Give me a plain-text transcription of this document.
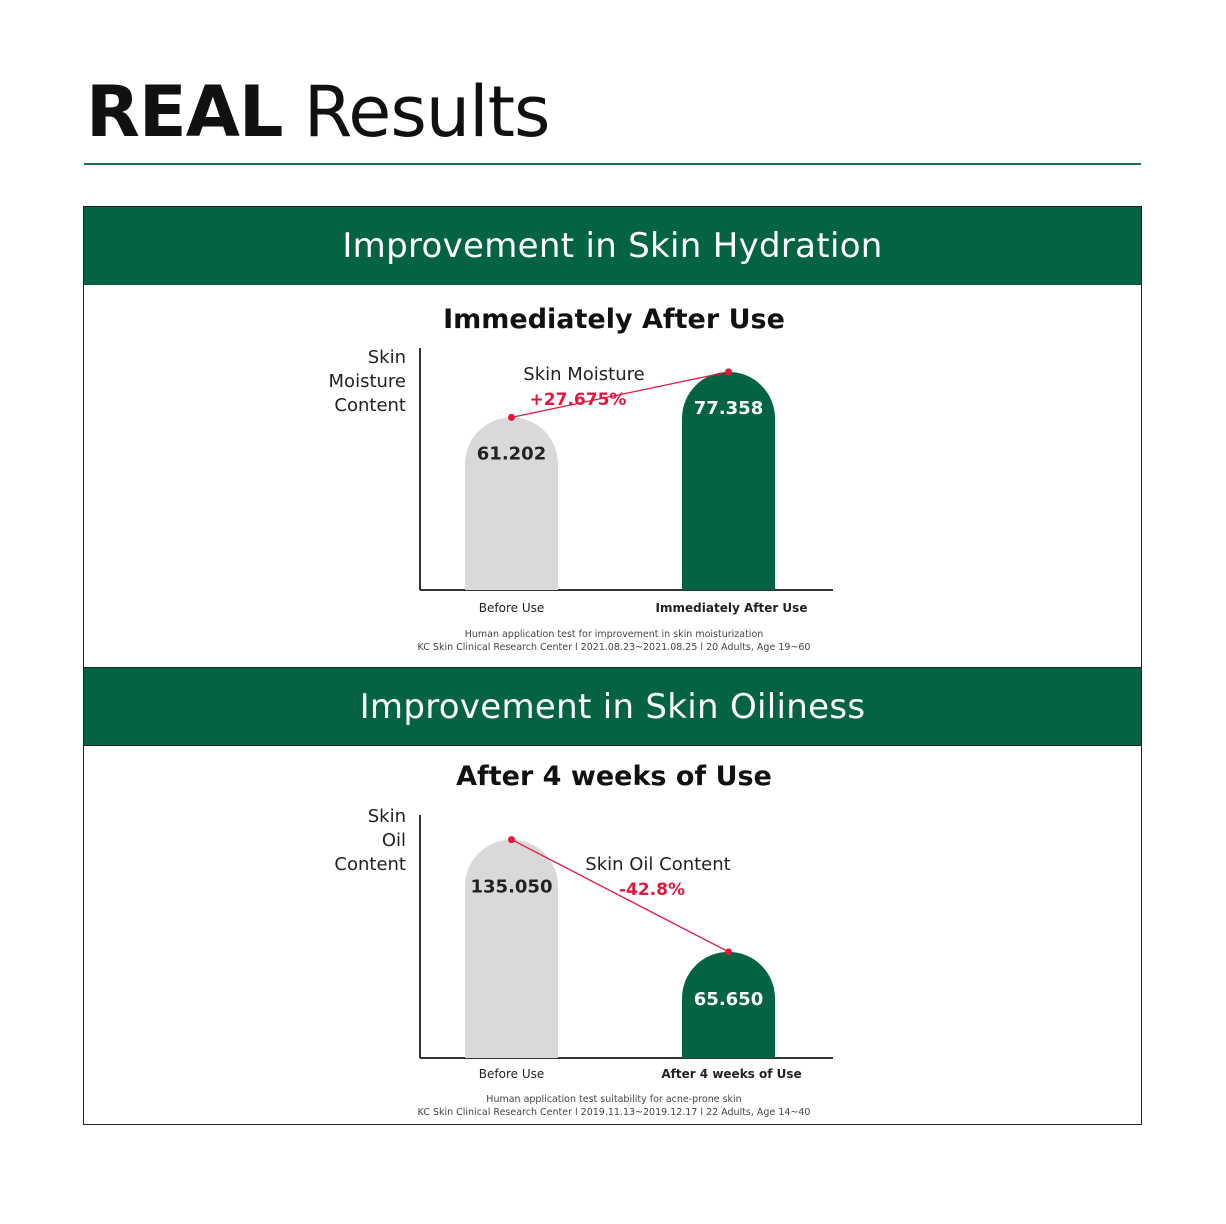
REAL Results
Improvement in Skin Hydration
Immediately After Use
Skin
Moisture
Content
61.202
Before Use
77.358
Immediately After Use
Skin Moisture
+27.675%
Human application test for improvement in skin moisturization
KC Skin Clinical Research Center l 2021.08.23~2021.08.25 l 20 Adults, Age 19~60
Improvement in Skin Oiliness
After 4 weeks of Use
Skin
Oil
Content
135.050
Before Use
65.650
After 4 weeks of Use
Skin Oil Content
-42.8%
Human application test suitability for acne-prone skin
KC Skin Clinical Research Center l 2019.11.13~2019.12.17 l 22 Adults, Age 14~40
